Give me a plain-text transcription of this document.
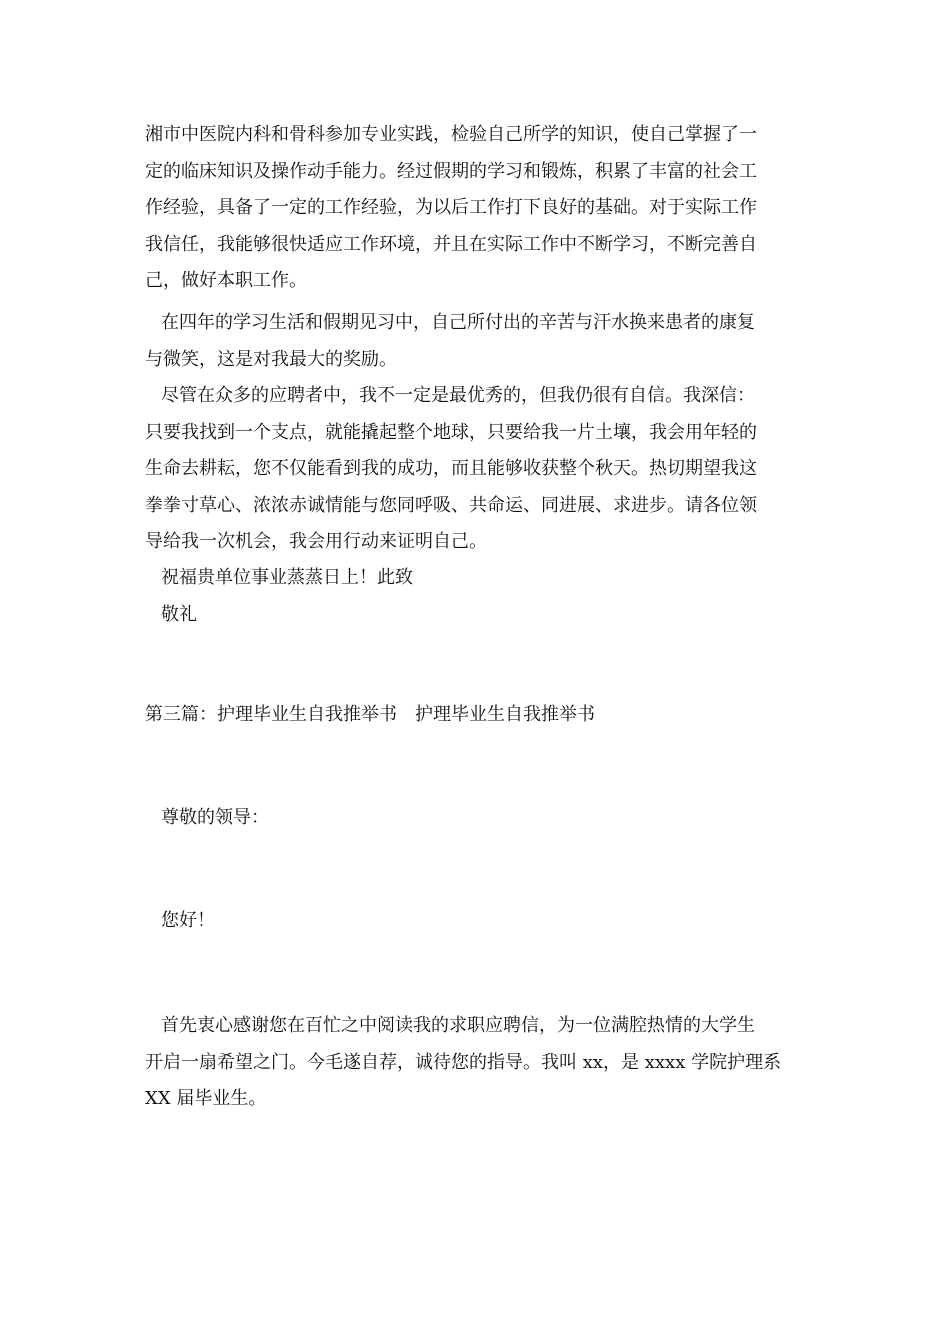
湘市中医院内科和骨科参加专业实践，检验自己所学的知识，使自己掌握了一
定的临床知识及操作动手能力。经过假期的学习和锻炼，积累了丰富的社会工
作经验，具备了一定的工作经验，为以后工作打下良好的基础。对于实际工作
我信任，我能够很快适应工作环境，并且在实际工作中不断学习，不断完善自
己，做好本职工作。
在四年的学习生活和假期见习中，自己所付出的辛苦与汗水换来患者的康复
与微笑，这是对我最大的奖励。
尽管在众多的应聘者中，我不一定是最优秀的，但我仍很有自信。我深信：
只要我找到一个支点，就能撬起整个地球，只要给我一片土壤，我会用年轻的
生命去耕耘，您不仅能看到我的成功，而且能够收获整个秋天。热切期望我这
拳拳寸草心、浓浓赤诚情能与您同呼吸、共命运、同进展、求进步。请各位领
导给我一次机会，我会用行动来证明自己。
祝福贵单位事业蒸蒸日上！此致
敬礼
第三篇：护理毕业生自我推举书　护理毕业生自我推举书
尊敬的领导：
您好！
首先衷心感谢您在百忙之中阅读我的求职应聘信，为一位满腔热情的大学生
开启一扇希望之门。今毛遂自荐，诚待您的指导。我叫 xx，是 xxxx 学院护理系
XX 届毕业生。
